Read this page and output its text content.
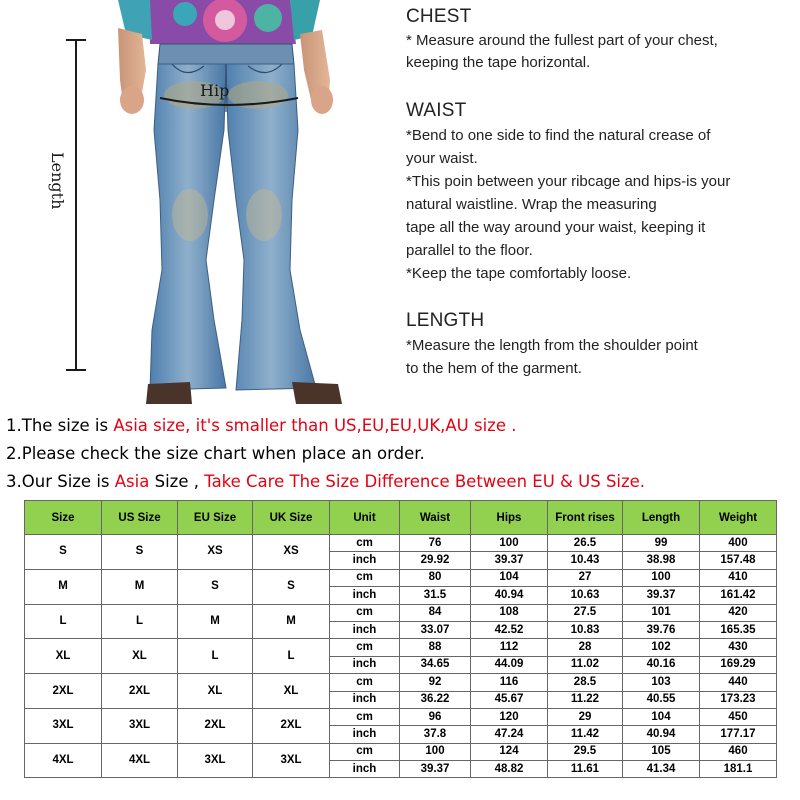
Hip
Length
CHEST
* Measure around the fullest part of your chest,
keeping the tape horizontal.
WAIST
*Bend to one side to find the natural crease of
your waist.
*This poin between your ribcage and hips-is your
natural waistline. Wrap the measuring
tape all the way around your waist, keeping it
parallel to the floor.
*Keep the tape comfortably loose.
LENGTH
*Measure the length from the shoulder point
to the hem of the garment.
1.The size is Asia size, it's smaller than US,EU,EU,UK,AU size .
2.Please check the size chart when place an order.
3.Our Size is Asia Size , Take Care The Size Difference Between EU & US Size.
Size	US Size	EU Size	UK Size	Unit	Waist	Hips	Front rises	Length	Weight
S	S	XS	XS	cm	76	100	26.5	99	400
				inch	29.92	39.37	10.43	38.98	157.48
M	M	S	S	cm	80	104	27	100	410
				inch	31.5	40.94	10.63	39.37	161.42
L	L	M	M	cm	84	108	27.5	101	420
				inch	33.07	42.52	10.83	39.76	165.35
XL	XL	L	L	cm	88	112	28	102	430
				inch	34.65	44.09	11.02	40.16	169.29
2XL	2XL	XL	XL	cm	92	116	28.5	103	440
				inch	36.22	45.67	11.22	40.55	173.23
3XL	3XL	2XL	2XL	cm	96	120	29	104	450
				inch	37.8	47.24	11.42	40.94	177.17
4XL	4XL	3XL	3XL	cm	100	124	29.5	105	460
				inch	39.37	48.82	11.61	41.34	181.1
